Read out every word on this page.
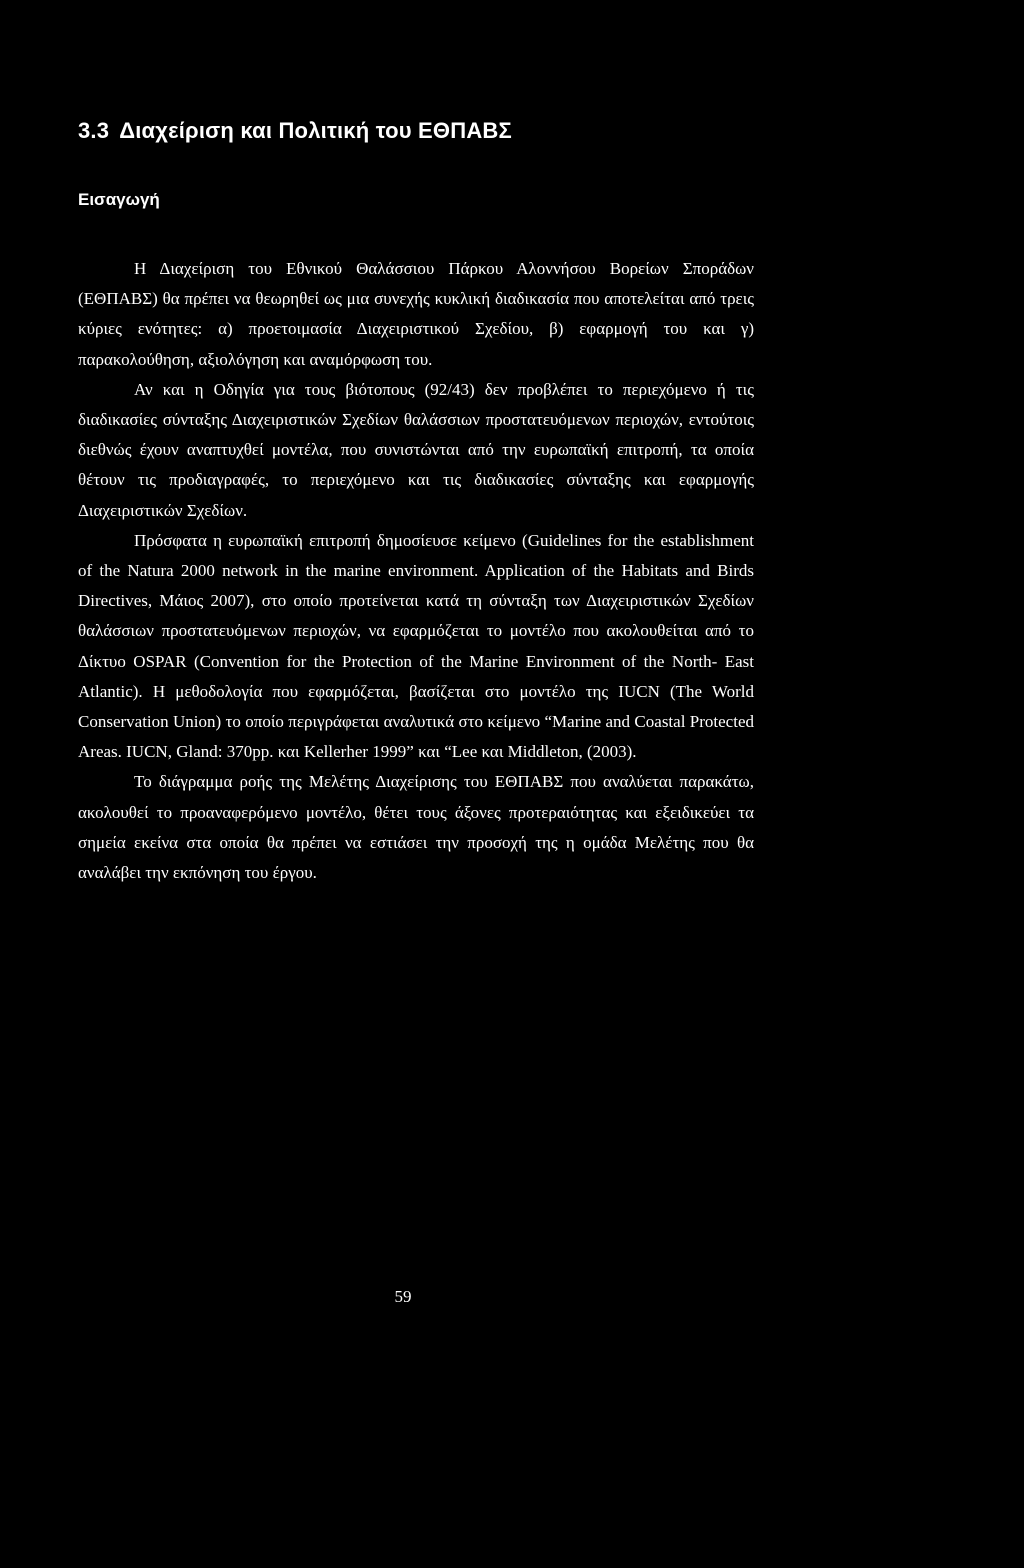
3.3 Διαχείριση και Πολιτική του ΕΘΠΑΒΣ
Εισαγωγή

Η Διαχείριση του Εθνικού Θαλάσσιου Πάρκου Αλοννήσου Βορείων Σποράδων (ΕΘΠΑΒΣ) θα πρέπει να θεωρηθεί ως μια συνεχής κυκλική διαδικασία που αποτελείται από τρεις κύριες ενότητες: α) προετοιμασία Διαχειριστικού Σχεδίου, β) εφαρμογή του και γ) παρακολούθηση, αξιολόγηση και αναμόρφωση του.

Αν και η Οδηγία για τους βιότοπους (92/43) δεν προβλέπει το περιεχόμενο ή τις διαδικασίες σύνταξης Διαχειριστικών Σχεδίων θαλάσσιων προστατευόμενων περιοχών, εντούτοις διεθνώς έχουν αναπτυχθεί μοντέλα, που συνιστώνται από την ευρωπαϊκή επιτροπή, τα οποία θέτουν τις προδιαγραφές, το περιεχόμενο και τις διαδικασίες σύνταξης και εφαρμογής Διαχειριστικών Σχεδίων.

Πρόσφατα η ευρωπαϊκή επιτροπή δημοσίευσε κείμενο (Guidelines for the establishment of the Natura 2000 network in the marine environment. Application of the Habitats and Birds Directives, Μάιος 2007), στο οποίο προτείνεται κατά τη σύνταξη των Διαχειριστικών Σχεδίων θαλάσσιων προστατευόμενων περιοχών, να εφαρμόζεται το μοντέλο που ακολουθείται από το Δίκτυο OSPAR (Convention for the Protection of the Marine Environment of the North- East Atlantic). Η μεθοδολογία που εφαρμόζεται, βασίζεται στο μοντέλο της IUCN (The World Conservation Union) το οποίο περιγράφεται αναλυτικά στο κείμενο “Marine and Coastal Protected Areas. IUCN, Gland: 370pp. και Kellerher 1999” και “Lee και Middleton, (2003).

Το διάγραμμα ροής της Μελέτης Διαχείρισης του ΕΘΠΑΒΣ που αναλύεται παρακάτω, ακολουθεί το προαναφερόμενο μοντέλο, θέτει τους άξονες προτεραιότητας και εξειδικεύει τα σημεία εκείνα στα οποία θα πρέπει να εστιάσει την προσοχή της η ομάδα Μελέτης που θα αναλάβει την εκπόνηση του έργου.

59
